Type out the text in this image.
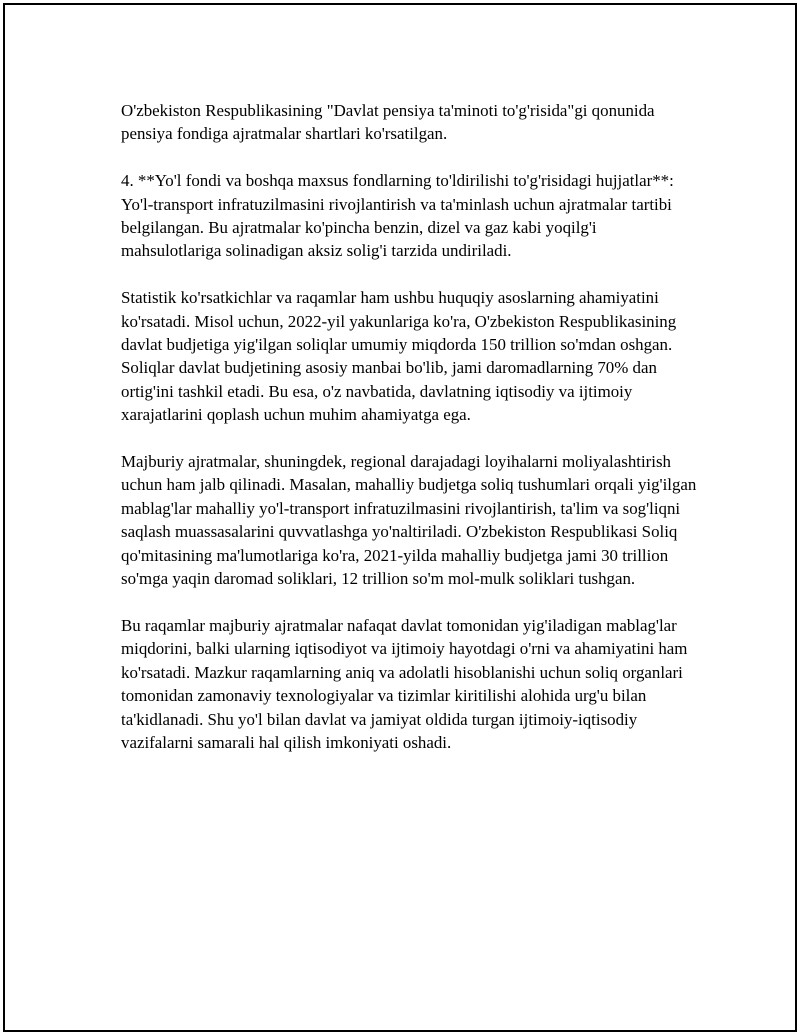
O'zbekiston Respublikasining "Davlat pensiya ta'minoti to'g'risida"gi qonunida pensiya fondiga ajratmalar shartlari ko'rsatilgan.

4. **Yo'l fondi va boshqa maxsus fondlarning to'ldirilishi to'g'risidagi hujjatlar**: Yo'l-transport infratuzilmasini rivojlantirish va ta'minlash uchun ajratmalar tartibi belgilangan. Bu ajratmalar ko'pincha benzin, dizel va gaz kabi yoqilg'i mahsulotlariga solinadigan aksiz solig'i tarzida undiriladi.

Statistik ko'rsatkichlar va raqamlar ham ushbu huquqiy asoslarning ahamiyatini ko'rsatadi. Misol uchun, 2022-yil yakunlariga ko'ra, O'zbekiston Respublikasining davlat budjetiga yig'ilgan soliqlar umumiy miqdorda 150 trillion so'mdan oshgan. Soliqlar davlat budjetining asosiy manbai bo'lib, jami daromadlarning 70% dan ortig'ini tashkil etadi. Bu esa, o'z navbatida, davlatning iqtisodiy va ijtimoiy xarajatlarini qoplash uchun muhim ahamiyatga ega.

Majburiy ajratmalar, shuningdek, regional darajadagi loyihalarni moliyalashtirish uchun ham jalb qilinadi. Masalan, mahalliy budjetga soliq tushumlari orqali yig'ilgan mablag'lar mahalliy yo'l-transport infratuzilmasini rivojlantirish, ta'lim va sog'liqni saqlash muassasalarini quvvatlashga yo'naltiriladi. O'zbekiston Respublikasi Soliq qo'mitasining ma'lumotlariga ko'ra, 2021-yilda mahalliy budjetga jami 30 trillion so'mga yaqin daromad soliklari, 12 trillion so'm mol-mulk soliklari tushgan.

Bu raqamlar majburiy ajratmalar nafaqat davlat tomonidan yig'iladigan mablag'lar miqdorini, balki ularning iqtisodiyot va ijtimoiy hayotdagi o'rni va ahamiyatini ham ko'rsatadi. Mazkur raqamlarning aniq va adolatli hisoblanishi uchun soliq organlari tomonidan zamonaviy texnologiyalar va tizimlar kiritilishi alohida urg'u bilan ta'kidlanadi. Shu yo'l bilan davlat va jamiyat oldida turgan ijtimoiy-iqtisodiy vazifalarni samarali hal qilish imkoniyati oshadi.
